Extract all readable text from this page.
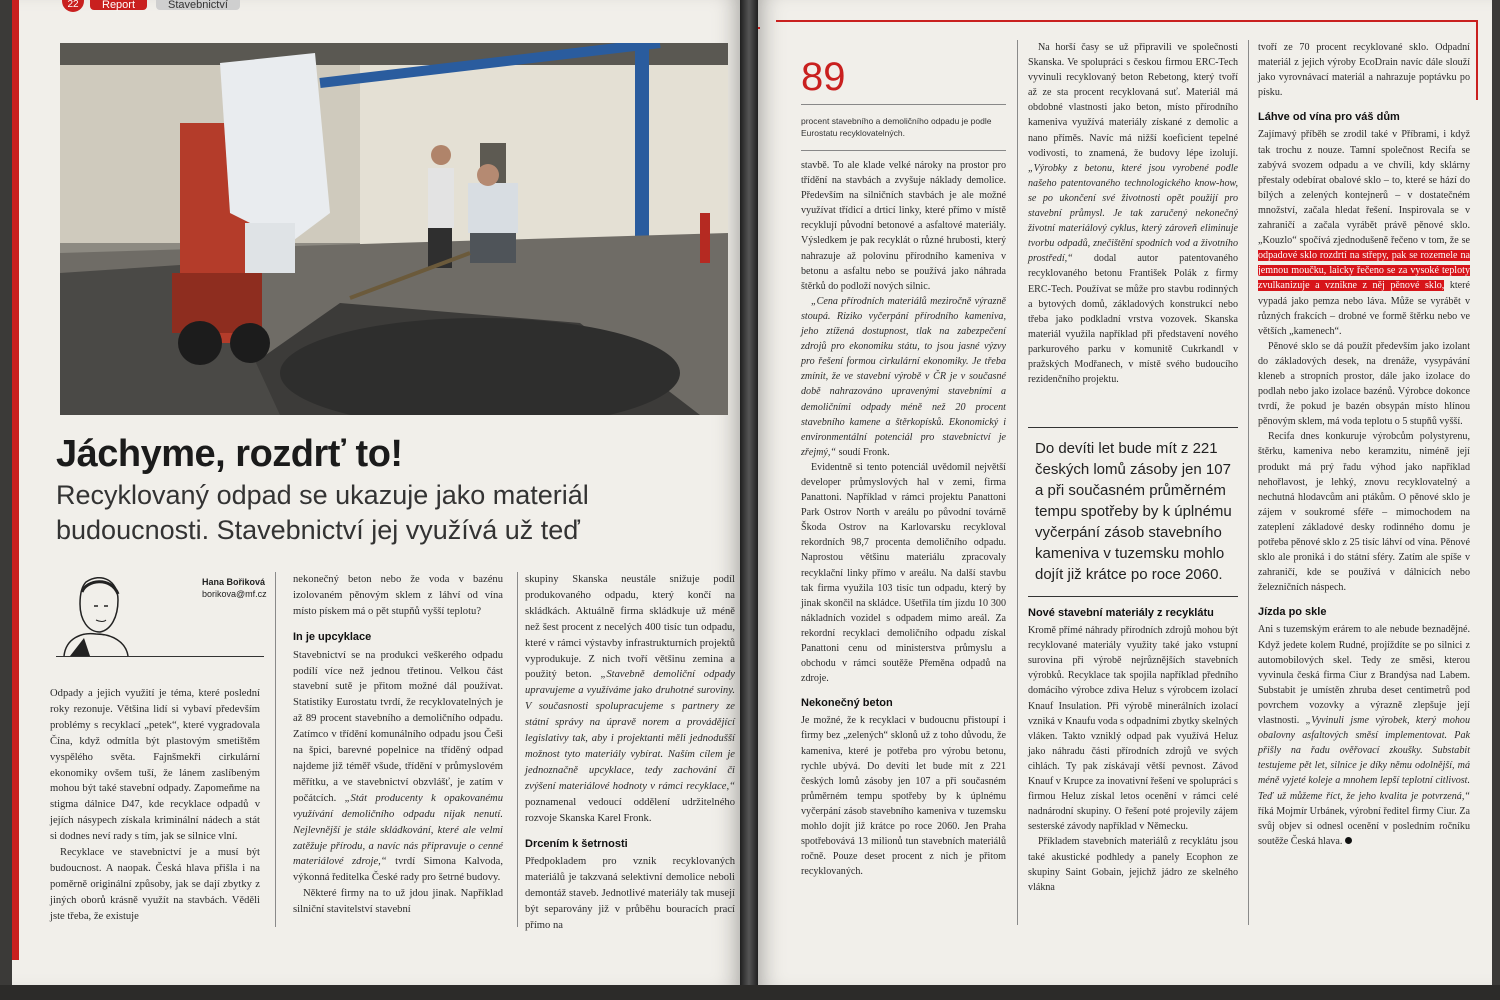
22	Report	Stavebnictví
Jáchyme, rozdrť to!

Recyklovaný odpad se ukazuje jako materiál budoucnosti. Stavebnictví jej využívá už teď

Hana Bořiková
borikova@mf.cz

Odpady a jejich využití je téma, které poslední roky rezonuje. Většina lidí si vybaví především problémy s recyklací „petek“, které vygradovala Čína, když odmítla být plastovým smetištěm vyspělého světa. Fajnšmekři cirkulární ekonomiky ovšem tuší, že lánem zaslíbeným mohou být také stavební odpady. Zapomeňme na stigma dálnice D47, kde recyklace odpadů v jejích násypech získala kriminální nádech a stát si dodnes neví rady s tím, jak se silnice vlní.

Recyklace ve stavebnictví je a musí být budoucnost. A naopak. Česká hlava přišla i na poměrně originální způsoby, jak se dají zbytky z jiných oborů krásně využít na stavbách. Věděli jste třeba, že existuje

nekonečný beton nebo že voda v bazénu izolovaném pěnovým sklem z láhví od vína místo pískem má o pět stupňů vyšší teplotu?

In je upcyklace

Stavebnictví se na produkci veškerého odpadu podílí více než jednou třetinou. Velkou část stavební sutě je přitom možné dál používat. Statistiky Eurostatu tvrdí, že recyklovatelných je až 89 procent stavebního a demoličního odpadu. Zatímco v třídění komunálního odpadu jsou Češi na špici, barevné popelnice na tříděný odpad najdeme již téměř všude, třídění v průmyslovém měřítku, a ve stavebnictví obzvlášť, je zatím v počátcích. „Stát producenty k opakovanému využívání demoličního odpadu nijak nenutí. Nejlevnější je stále skládkování, které ale velmi zatěžuje přírodu, a navíc nás připravuje o cenné materiálové zdroje,“ tvrdí Simona Kalvoda, výkonná ředitelka České rady pro šetrné budovy.

Některé firmy na to už jdou jinak. Například silniční stavitelství stavební

skupiny Skanska neustále snižuje podíl produkovaného odpadu, který končí na skládkách. Aktuálně firma skládkuje už méně než šest procent z necelých 400 tisíc tun odpadu, které v rámci výstavby infrastrukturních projektů vyprodukuje. Z nich tvoří většinu zemina a použitý beton. „Stavebně demoliční odpady upravujeme a využíváme jako druhotné suroviny. V současnosti spolupracujeme s partnery ze státní správy na úpravě norem a provádějící legislativy tak, aby i projektanti měli jednodušší možnost tyto materiály vybírat. Naším cílem je jednoznačně upcyklace, tedy zachování či zvýšení materiálové hodnoty v rámci recyklace,“ poznamenal vedoucí oddělení udržitelného rozvoje Skanska Karel Fronk.

Drcením k šetrnosti

Předpokladem pro vznik recyklovaných materiálů je takzvaná selektivní demolice neboli demontáž staveb. Jednotlivé materiály tak musejí být separovány již v průběhu bouracích prací přímo na

89
procent stavebního a demoličního odpadu je podle Eurostatu recyklovatelných.

stavbě. To ale klade velké nároky na prostor pro třídění na stavbách a zvyšuje náklady demolice. Především na silničních stavbách je ale možné využívat třídicí a drticí linky, které přímo v místě recyklují původní betonové a asfaltové materiály. Výsledkem je pak recyklát o různé hrubosti, který nahrazuje až polovinu přírodního kameniva v betonu a asfaltu nebo se používá jako náhrada štěrků do podloží nových silnic.

„Cena přírodních materiálů meziročně výrazně stoupá. Riziko vyčerpání přírodního kameniva, jeho ztížená dostupnost, tlak na zabezpečení zdrojů pro ekonomiku státu, to jsou jasné výzvy pro řešení formou cirkulární ekonomiky. Je třeba zmínit, že ve stavební výrobě v ČR je v současné době nahrazováno upravenými stavebními a demoličními odpady méně než 20 procent stavebního kamene a štěrkopísků. Ekonomický i environmentální potenciál pro stavebnictví je zřejmý,“ soudí Fronk.

Evidentně si tento potenciál uvědomil největší developer průmyslových hal v zemi, firma Panattoni. Například v rámci projektu Panattoni Park Ostrov North v areálu po původní továrně Škoda Ostrov na Karlovarsku recykloval rekordních 98,7 procenta demoličního odpadu. Naprostou většinu materiálu zpracovaly recyklační linky přímo v areálu. Na další stavbu tak firma využila 103 tisíc tun odpadu, který by jinak skončil na skládce. Ušetřila tím jízdu 10 300 nákladních vozidel s odpadem mimo areál. Za rekordní recyklaci demoličního odpadu získal Panattoni cenu od ministerstva průmyslu a obchodu v rámci soutěže Přeměna odpadů na zdroje.

Nekonečný beton

Je možné, že k recyklaci v budoucnu přistoupí i firmy bez „zelených“ sklonů už z toho důvodu, že kameniva, které je potřeba pro výrobu betonu, rychle ubývá. Do devíti let bude mít z 221 českých lomů zásoby jen 107 a při současném průměrném tempu spotřeby by k úplnému vyčerpání zásob stavebního kameniva v tuzemsku mohlo dojít již krátce po roce 2060. Jen Praha spotřebovává 13 milionů tun stavebních materiálů ročně. Pouze deset procent z nich je přitom recyklovaných.

Na horší časy se už připravili ve společnosti Skanska. Ve spolupráci s českou firmou ERC-Tech vyvinuli recyklovaný beton Rebetong, který tvoří až ze sta procent recyklovaná suť. Materiál má obdobné vlastnosti jako beton, místo přírodního kameniva využívá materiály získané z demolic a nano příměs. Navíc má nižší koeficient tepelné vodivosti, to znamená, že budovy lépe izolují. „Výrobky z betonu, které jsou vyrobené podle našeho patentovaného technologického know-how, se po ukončení své životnosti opět použijí pro stavební průmysl. Je tak zaručený nekonečný životní materiálový cyklus, který zároveň eliminuje tvorbu odpadů, znečištění spodních vod a životního prostředí,“ dodal autor patentovaného recyklovaného betonu František Polák z firmy ERC-Tech. Používat se může pro stavbu rodinných a bytových domů, základových konstrukcí nebo třeba jako podkladní vrstva vozovek. Skanska materiál využila například při představení nového parkurového parku v komunitě Cukrkandl v pražských Modřanech, v místě svého budoucího rezidenčního projektu.

Do devíti let bude mít z 221 českých lomů zásoby jen 107 a při současném průměrném tempu spotřeby by k úplnému vyčerpání zásob stavebního kameniva v tuzemsku mohlo dojít již krátce po roce 2060.
Nové stavební materiály z recyklátu

Kromě přímé náhrady přírodních zdrojů mohou být recyklované materiály využity také jako vstupní surovina při výrobě nejrůznějších stavebních výrobků. Recyklace tak spojila například předního domácího výrobce zdiva Heluz s výrobcem izolací Knauf Insulation. Při výrobě minerálních izolací vzniká v Knaufu voda s odpadními zbytky skelných vláken. Takto vzniklý odpad pak využívá Heluz jako náhradu části přírodních zdrojů ve svých cihlách. Ty pak získávají větší pevnost. Závod Knauf v Krupce za inovativní řešení ve spolupráci s firmou Heluz získal letos ocenění v rámci celé nadnárodní skupiny. O řešení poté projevily zájem sesterské závody například v Německu.

Příkladem stavebních materiálů z recyklátu jsou také akustické podhledy a panely Ecophon ze skupiny Saint Gobain, jejichž jádro ze skelného vlákna

tvoří ze 70 procent recyklované sklo. Odpadní materiál z jejich výroby EcoDrain navíc dále slouží jako vyrovnávací materiál a nahrazuje poptávku po písku.

Láhve od vína pro váš dům

Zajímavý příběh se zrodil také v Příbrami, i když tak trochu z nouze. Tamní společnost Recifa se zabývá svozem odpadu a ve chvíli, kdy sklárny přestaly odebírat obalové sklo – to, které se hází do bílých a zelených kontejnerů – v dostatečném množství, začala hledat řešení. Inspirovala se v zahraničí a začala vyrábět právě pěnové sklo. „Kouzlo“ spočívá zjednodušeně řečeno v tom, že se odpadové sklo rozdrtí na střepy, pak se rozemele na jemnou moučku, laicky řečeno se za vysoké teploty zvulkanizuje a vznikne z něj pěnové sklo, které vypadá jako pemza nebo láva. Může se vyrábět v různých frakcích – drobné ve formě štěrku nebo ve větších „kamenech“.

Pěnové sklo se dá použít především jako izolant do základových desek, na drenáže, vysypávání kleneb a stropních prostor, dále jako izolace do podlah nebo jako izolace bazénů. Výrobce dokonce tvrdí, že pokud je bazén obsypán místo hlínou pěnovým sklem, má voda teplotu o 5 stupňů vyšší.

Recifa dnes konkuruje výrobcům polystyrenu, štěrku, kameniva nebo keramzitu, niméně její produkt má prý řadu výhod jako například nehořlavost, je lehký, znovu recyklovatelný a nechutná hlodavcům ani ptákům. O pěnové sklo je zájem v soukromé sféře – mimochodem na zateplení základové desky rodinného domu je potřeba pěnové sklo z 25 tisíc láhví od vína. Pěnové sklo ale proniká i do státní sféry. Zatím ale spíše v zahraničí, kde se používá v dálnicích nebo železničních náspech.

Jízda po skle

Ani s tuzemským erárem to ale nebude beznadějné. Když jedete kolem Rudné, projíždíte se po silnici z automobilových skel. Tedy ze směsi, kterou vyvinula česká firma Ciur z Brandýsa nad Labem. Substabit je umístěn zhruba deset centimetrů pod povrchem vozovky a výrazně zlepšuje její vlastnosti. „Vyvinuli jsme výrobek, který mohou obalovny asfaltových směsí implementovat. Pak přišly na řadu ověřovací zkoušky. Substabit testujeme pět let, silnice je díky němu odolnější, má méně vyjeté koleje a mnohem lepší teplotní citlivost. Teď už můžeme říct, že jeho kvalita je potvrzená,“ říká Mojmír Urbánek, výrobní ředitel firmy Ciur. Za svůj objev si odnesl ocenění v posledním ročníku soutěže Česká hlava.
